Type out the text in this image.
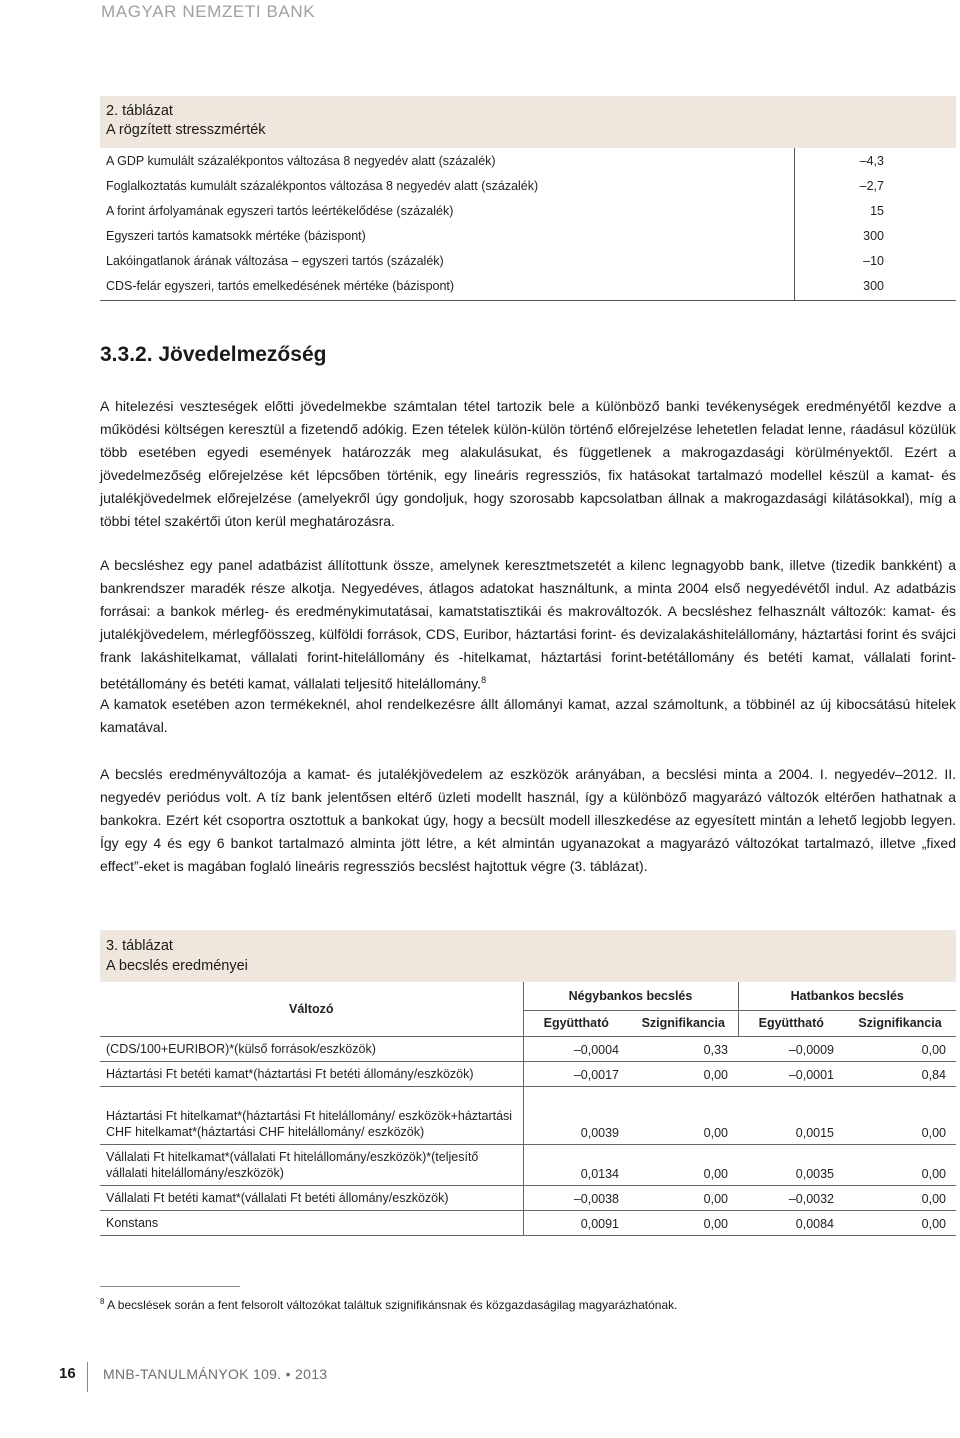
MAGYAR NEMZETI BANK
2. táblázat
A rögzített stresszmérték
A GDP kumulált százalékpontos változása 8 negyedév alatt (százalék)	–4,3
Foglalkoztatás kumulált százalékpontos változása 8 negyedév alatt (százalék)	–2,7
A forint árfolyamának egyszeri tartós leértékelődése (százalék)	15
Egyszeri tartós kamatsokk mértéke (bázispont)	300
Lakóingatlanok árának változása – egyszeri tartós (százalék)	–10
CDS-felár egyszeri, tartós emelkedésének mértéke (bázispont)	300
3.3.2. Jövedelmezőség
A hitelezési veszteségek előtti jövedelmekbe számtalan tétel tartozik bele a különböző banki tevékenységek eredményétől kezdve a működési költségen keresztül a fizetendő adókig. Ezen tételek külön-külön történő előrejelzése lehetetlen feladat lenne, ráadásul közülük több esetében egyedi események határozzák meg alakulásukat, és függetlenek a makrogazdasági körülményektől. Ezért a jövedelmezőség előrejelzése két lépcsőben történik, egy lineáris regressziós, fix hatásokat tartalmazó modellel készül a kamat- és jutalékjövedelmek előrejelzése (amelyekről úgy gondoljuk, hogy szorosabb kapcsolatban állnak a makrogazdasági kilátásokkal), míg a többi tétel szakértői úton kerül meghatározásra.
A becsléshez egy panel adatbázist állítottunk össze, amelynek keresztmetszetét a kilenc legnagyobb bank, illetve (tizedik bankként) a bankrendszer maradék része alkotja. Negyedéves, átlagos adatokat használtunk, a minta 2004 első negyedévétől indul. Az adatbázis forrásai: a bankok mérleg- és eredménykimutatásai, kamatstatisztikái és makrováltozók. A becsléshez felhasznált változók: kamat- és jutalékjövedelem, mérlegfőösszeg, külföldi források, CDS, Euribor, háztartási forint- és devizalakáshitelállomány, háztartási forint és svájci frank lakáshitelkamat, vállalati forint-hitelállomány és -hitelkamat, háztartási forint-betétállomány és betéti kamat, vállalati forint-betétállomány és betéti kamat, vállalati teljesítő hitelállomány.$^8$
A kamatok esetében azon termékeknél, ahol rendelkezésre állt állományi kamat, azzal számoltunk, a többinél az új kibocsátású hitelek kamatával.
A becslés eredményváltozója a kamat- és jutalékjövedelem az eszközök arányában, a becslési minta a 2004. I. negyedév–2012. II. negyedév periódus volt. A tíz bank jelentősen eltérő üzleti modellt használ, így a különböző magyarázó változók eltérően hathatnak a bankokra. Ezért két csoportra osztottuk a bankokat úgy, hogy a becsült modell illeszkedése az egyesített mintán a lehető legjobb legyen. Így egy 4 és egy 6 bankot tartalmazó alminta jött létre, a két almintán ugyanazokat a magyarázó változókat tartalmazó, illetve „fixed effect”-eket is magában foglaló lineáris regressziós becslést hajtottuk végre (3. táblázat).
3. táblázat
A becslés eredményei
Változó	Négybankos becslés		Hatbankos becslés	
	Együttható	Szignifikancia	Együttható	Szignifikancia
(CDS/100+EURIBOR)*(külső források/eszközök)	–0,0004	0,33	–0,0009	0,00
Háztartási Ft betéti kamat*(háztartási Ft betéti állomány/eszközök)	–0,0017	0,00	–0,0001	0,84
Háztartási Ft hitelkamat*(háztartási Ft hitelállomány/ eszközök+háztartási CHF hitelkamat*(háztartási CHF hitelállomány/ eszközök)	0,0039	0,00	0,0015	0,00
Vállalati Ft hitelkamat*(vállalati Ft hitelállomány/eszközök)*(teljesítő vállalati hitelállomány/eszközök)	0,0134	0,00	0,0035	0,00
Vállalati Ft betéti kamat*(vállalati Ft betéti állomány/eszközök)	–0,0038	0,00	–0,0032	0,00
Konstans	0,0091	0,00	0,0084	0,00
$^8$ A becslések során a fent felsorolt változókat találtuk szignifikánsnak és közgazdaságilag magyarázhatónak.
16 MNB-TANULMÁNYOK 109. • 2013
